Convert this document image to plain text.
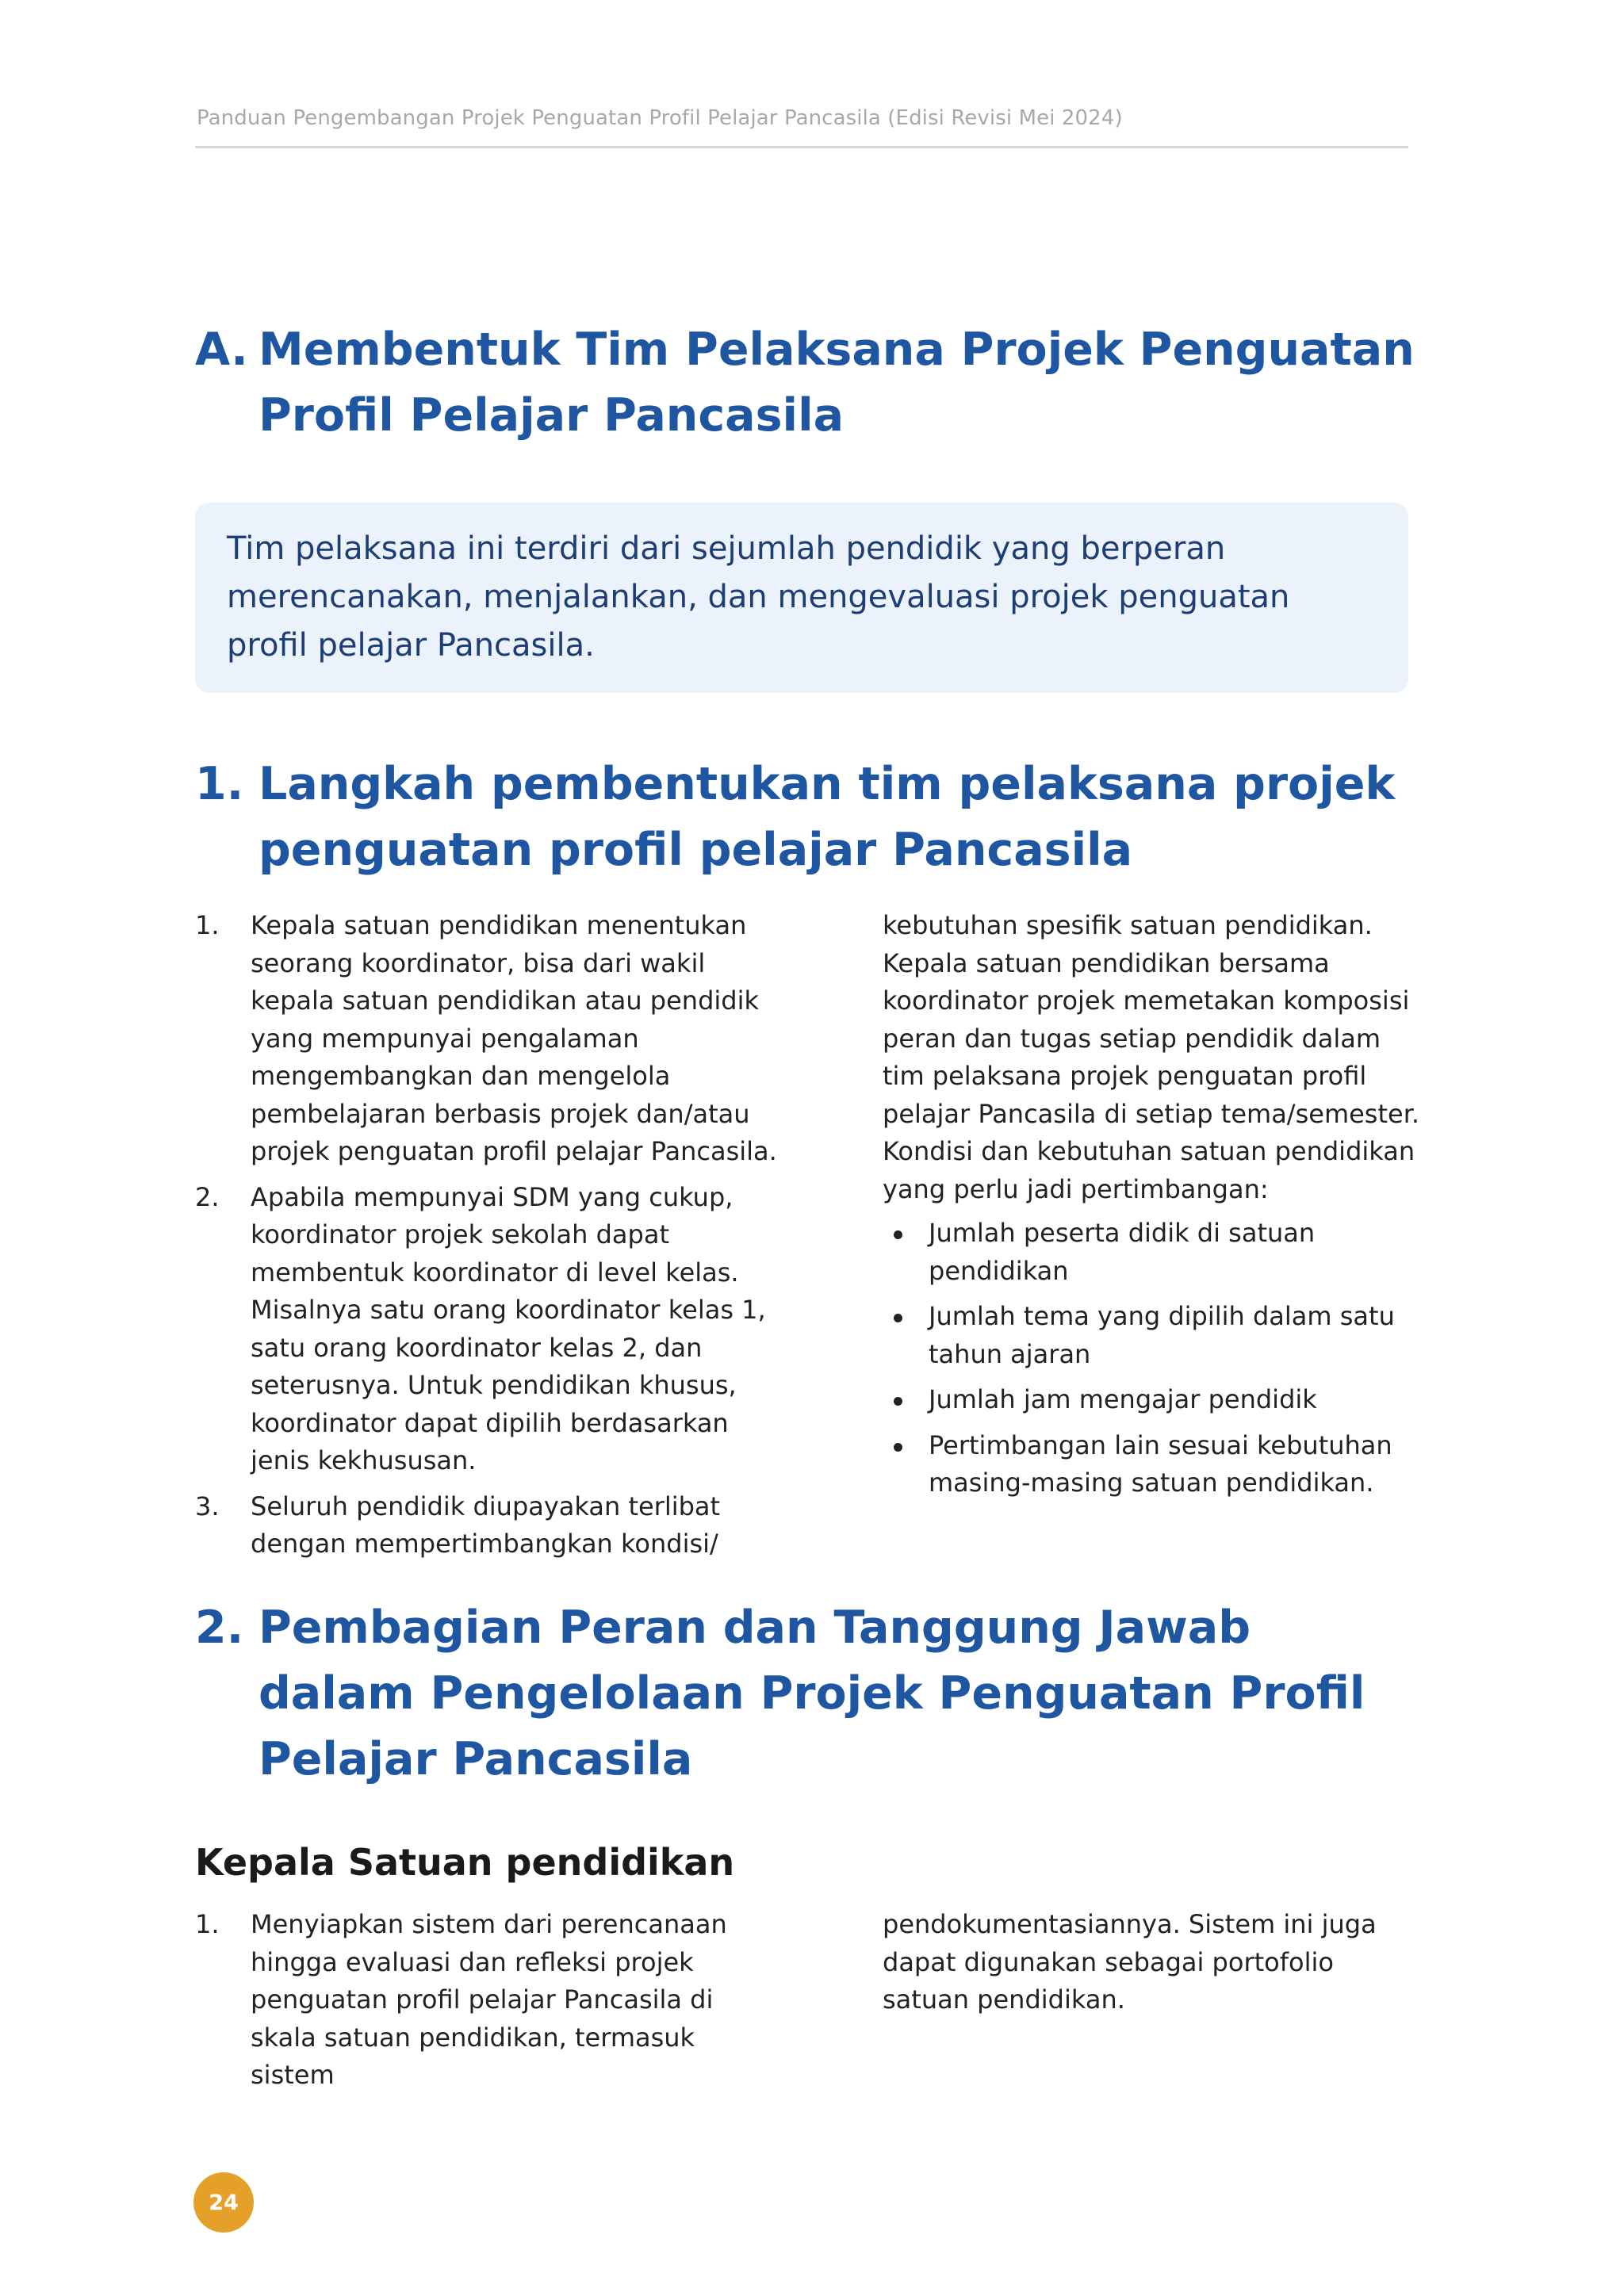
Panduan Pengembangan Projek Penguatan Profil Pelajar Pancasila (Edisi Revisi Mei 2024)
A. Membentuk Tim Pelaksana Projek Penguatan Profil Pelajar Pancasila

Tim pelaksana ini terdiri dari sejumlah pendidik yang berperan merencanakan, menjalankan, dan mengevaluasi projek penguatan profil pelajar Pancasila.

1. Langkah pembentukan tim pelaksana projek penguatan profil pelajar Pancasila
1. Kepala satuan pendidikan menentukan seorang koordinator, bisa dari wakil kepala satuan pendidikan atau pendidik yang mempunyai pengalaman mengembangkan dan mengelola pembelajaran berbasis projek dan/atau projek penguatan profil pelajar Pancasila.
2. Apabila mempunyai SDM yang cukup, koordinator projek sekolah dapat membentuk koordinator di level kelas. Misalnya satu orang koordinator kelas 1, satu orang koordinator kelas 2, dan seterusnya. Untuk pendidikan khusus, koordinator dapat dipilih berdasarkan jenis kekhususan.
3. Seluruh pendidik diupayakan terlibat dengan mempertimbangkan kondisi/

kebutuhan spesifik satuan pendidikan. Kepala satuan pendidikan bersama koordinator projek memetakan komposisi peran dan tugas setiap pendidik dalam tim pelaksana projek penguatan profil pelajar Pancasila di setiap tema/semester. Kondisi dan kebutuhan satuan pendidikan yang perlu jadi pertimbangan:

Jumlah peserta didik di satuan pendidikan
Jumlah tema yang dipilih dalam satu tahun ajaran
Jumlah jam mengajar pendidik
Pertimbangan lain sesuai kebutuhan masing-masing satuan pendidikan.
2. Pembagian Peran dan Tanggung Jawab dalam Pengelolaan Projek Penguatan Profil Pelajar Pancasila
Kepala Satuan pendidikan
1. Menyiapkan sistem dari perencanaan hingga evaluasi dan refleksi projek penguatan profil pelajar Pancasila di skala satuan pendidikan, termasuk sistem

pendokumentasiannya. Sistem ini juga dapat digunakan sebagai portofolio satuan pendidikan.

24
